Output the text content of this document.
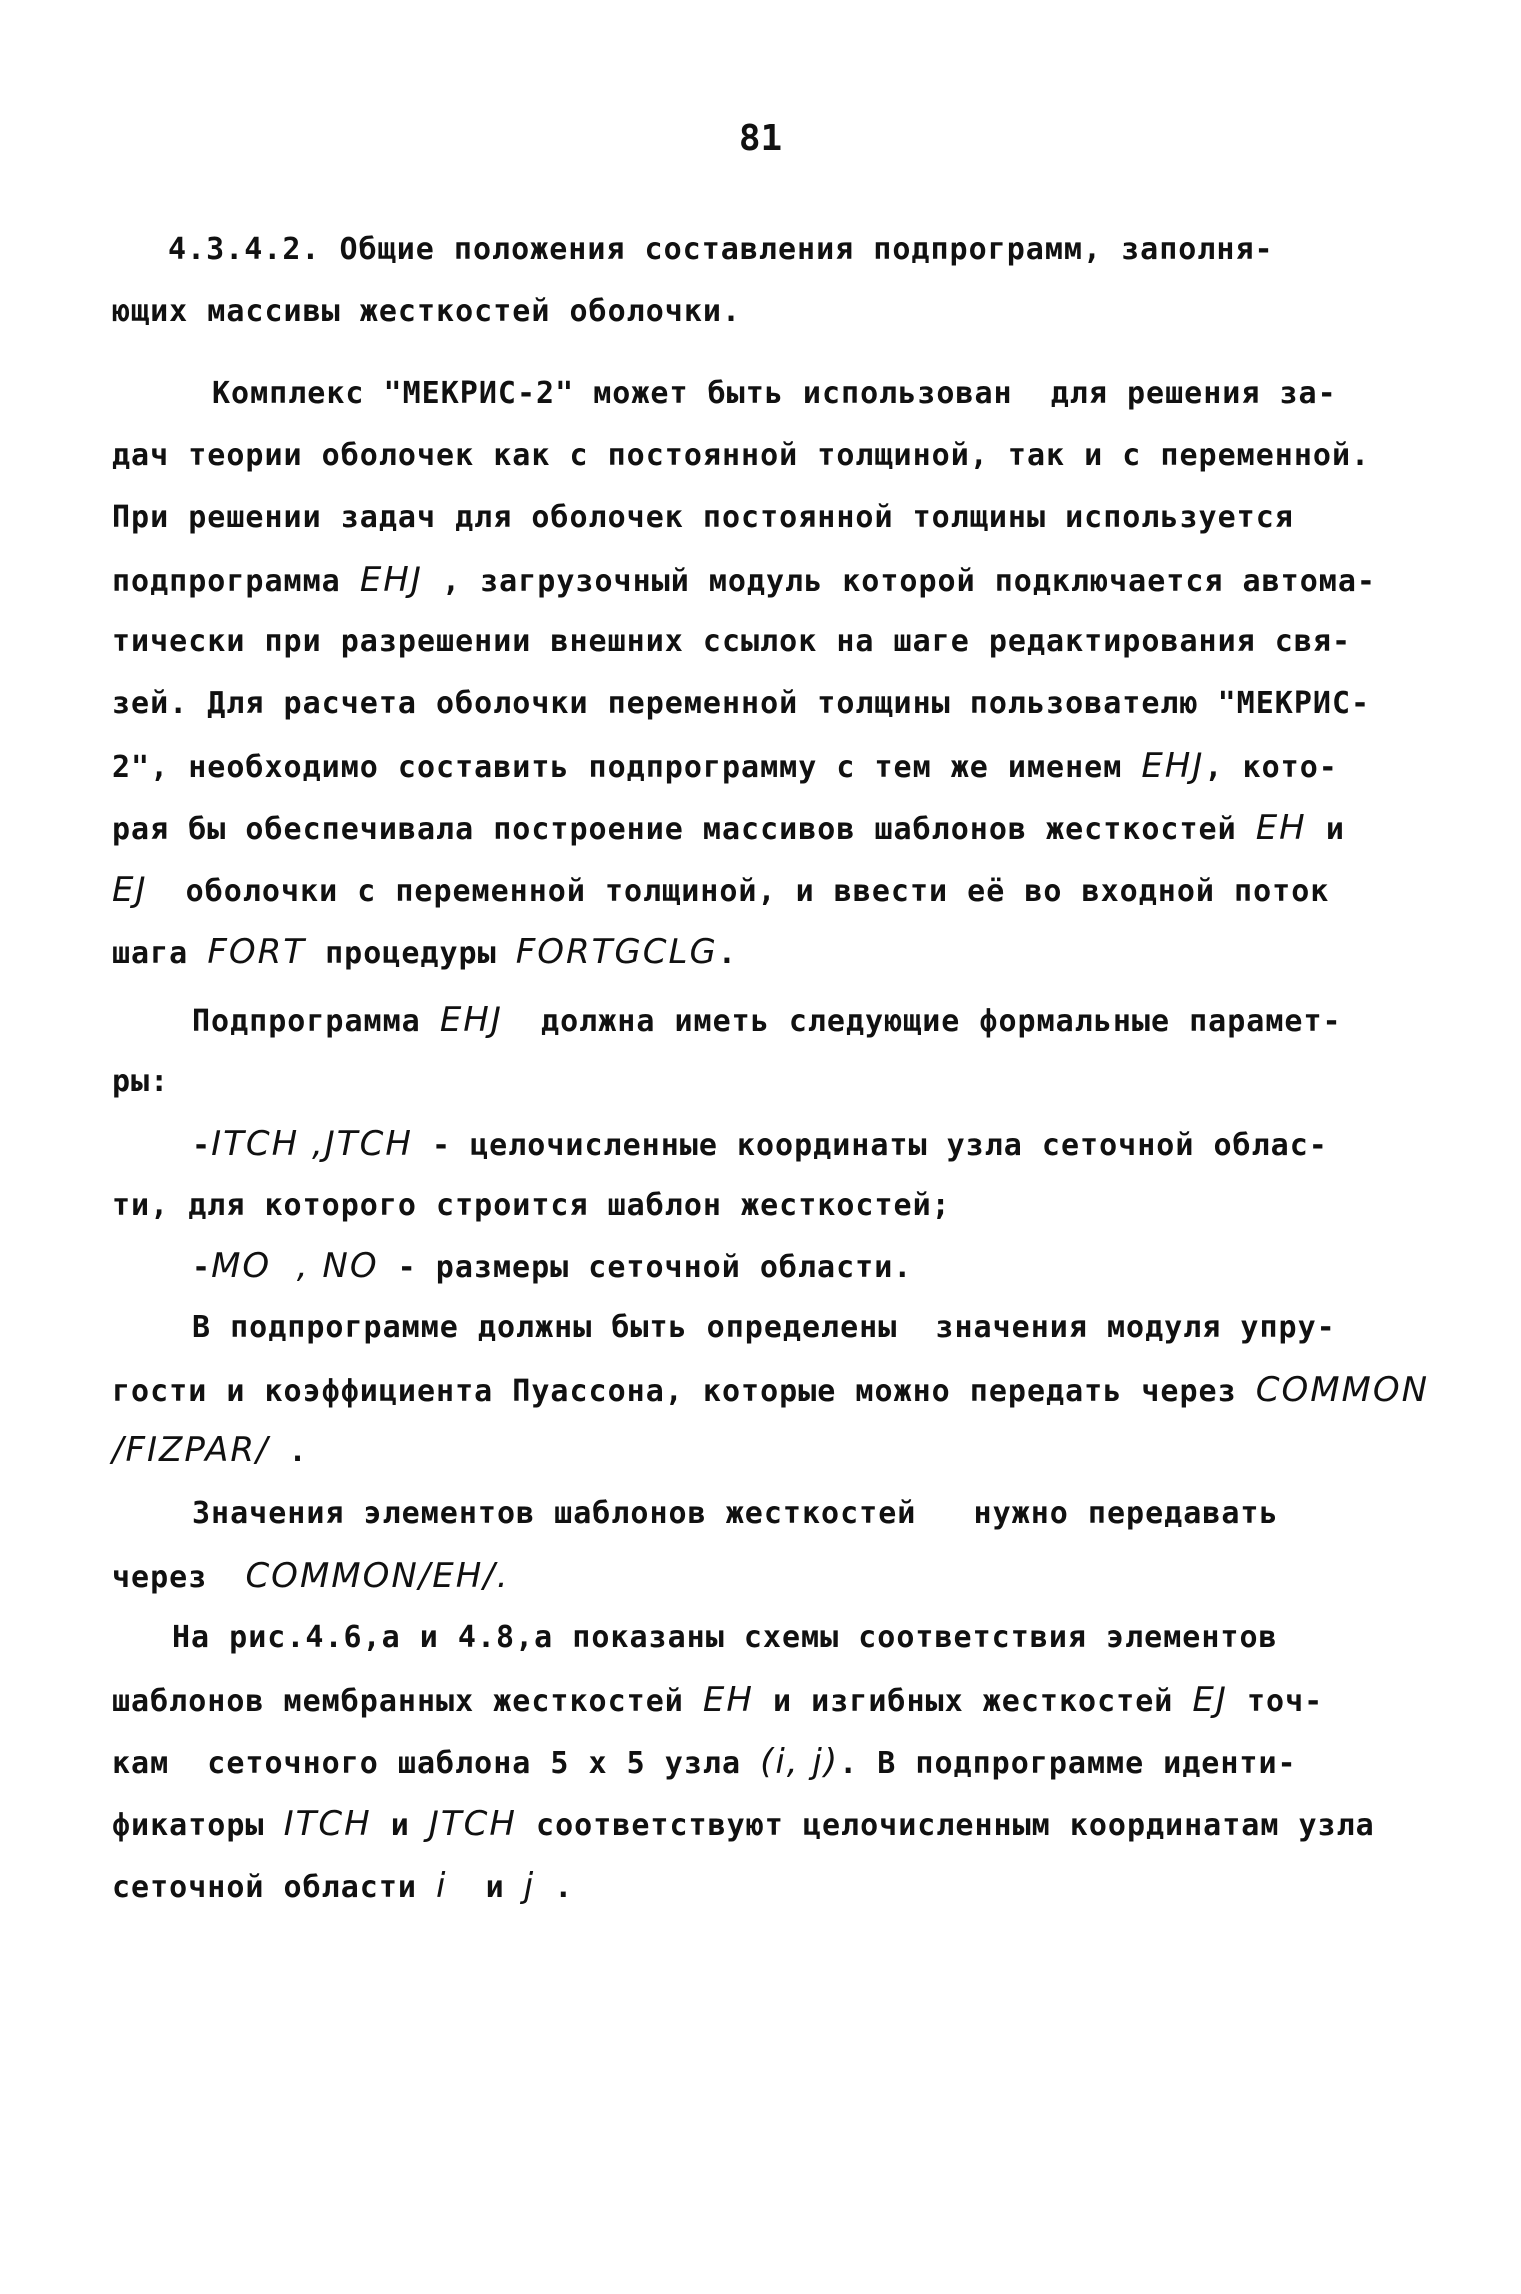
81
4.3.4.2. Общие положения составления подпрограмм, заполня-
ющих массивы жесткостей оболочки.
Комплекс "МЕКРИС-2" может быть использован  для решения за-
дач теории оболочек как с постоянной толщиной, так и с переменной.
При решении задач для оболочек постоянной толщины используется
подпрограмма EHJ , загрузочный модуль которой подключается автома-
тически при разрешении внешних ссылок на шаге редактирования свя-
зей. Для расчета оболочки переменной толщины пользователю "МЕКРИС-
2", необходимо составить подпрограмму с тем же именем EHJ, кото-
рая бы обеспечивала построение массивов шаблонов жесткостей EH и
EJ  оболочки с переменной толщиной, и ввести её во входной поток
шага FORT процедуры FORTGCLG.
Подпрограмма EHJ  должна иметь следующие формальные парамет-
ры:
-ITCH ,JTCH - целочисленные координаты узла сеточной облас-
ти, для которого строится шаблон жесткостей;
-MO  , NO - размеры сеточной области.
В подпрограмме должны быть определены  значения модуля упру-
гости и коэффициента Пуассона, которые можно передать через COMMON
/FIZPAR/ .
Значения элементов шаблонов жесткостей   нужно передавать
через  COMMON/EH/.
На рис.4.6,а и 4.8,а показаны схемы соответствия элементов
шаблонов мембранных жесткостей EH и изгибных жесткостей EJ точ-
кам  сеточного шаблона 5 х 5 узла (i, j). В подпрограмме иденти-
фикаторы ITCH и JTCH соответствуют целочисленным координатам узла
сеточной области i  и j .
